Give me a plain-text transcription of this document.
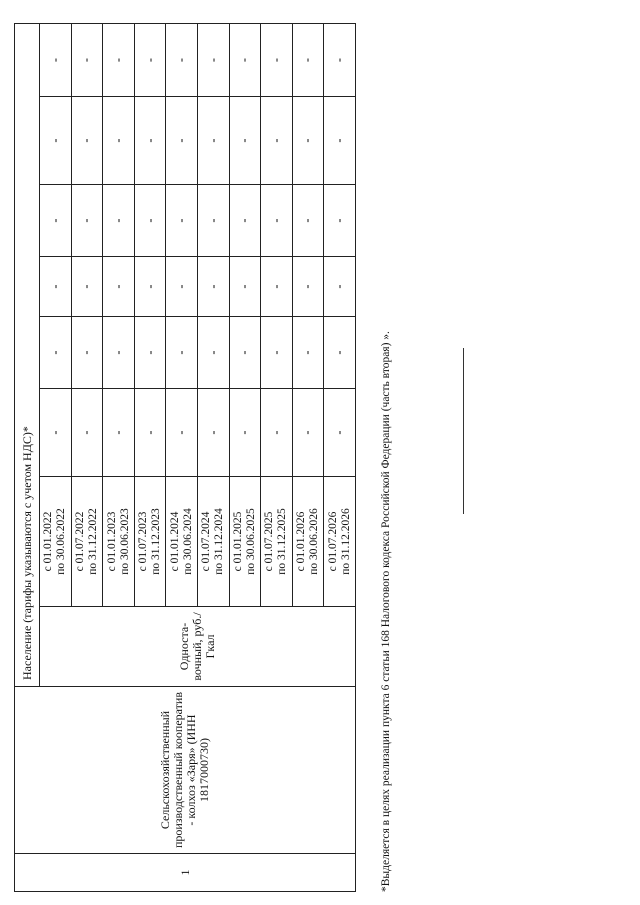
1	Сельскохозяйственный производственный кооператив - колхоз «Заря» (ИНН 1817000730)	Население (тарифы указываются с учетом НДС)*							
		Односта-вочный, руб./Гкал	с 01.01.2022 по 30.06.2022	-	-	-	-	-	-

			с 01.07.2022 по 31.12.2022	-	-	-	-	-	-

			с 01.01.2023 по 30.06.2023	-	-	-	-	-	-

			с 01.07.2023 по 31.12.2023	-	-	-	-	-	-

			с 01.01.2024 по 30.06.2024	-	-	-	-	-	-

			с 01.07.2024 по 31.12.2024	-	-	-	-	-	-

			с 01.01.2025 по 30.06.2025	-	-	-	-	-	-

			с 01.07.2025 по 31.12.2025	-	-	-	-	-	-

			с 01.01.2026 по 30.06.2026	-	-	-	-	-	-

			с 01.07.2026 по 31.12.2026	-	-	-	-	-	-
*Выделяется в целях реализации пункта 6 статьи 168 Налогового кодекса Российской Федерации (часть вторая) ».
